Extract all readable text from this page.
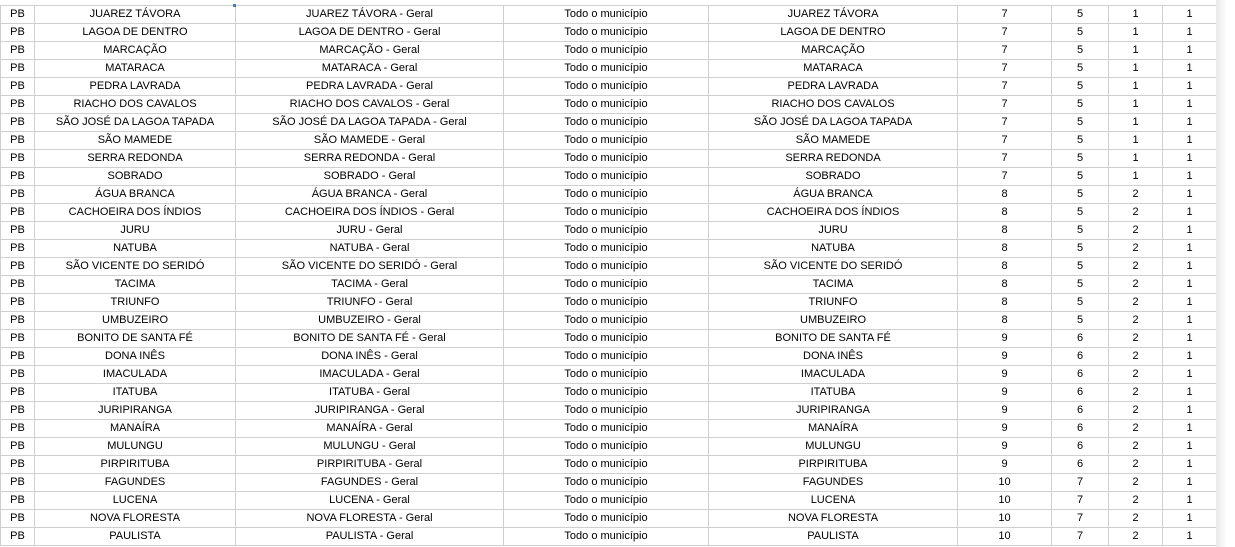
PB	JUAREZ TÁVORA	JUAREZ TÁVORA - Geral	Todo o município	JUAREZ TÁVORA	7	5	1	1
PB	LAGOA DE DENTRO	LAGOA DE DENTRO - Geral	Todo o município	LAGOA DE DENTRO	7	5	1	1
PB	MARCAÇÃO	MARCAÇÃO - Geral	Todo o município	MARCAÇÃO	7	5	1	1
PB	MATARACA	MATARACA - Geral	Todo o município	MATARACA	7	5	1	1
PB	PEDRA LAVRADA	PEDRA LAVRADA - Geral	Todo o município	PEDRA LAVRADA	7	5	1	1
PB	RIACHO DOS CAVALOS	RIACHO DOS CAVALOS - Geral	Todo o município	RIACHO DOS CAVALOS	7	5	1	1
PB	SÃO JOSÉ DA LAGOA TAPADA	SÃO JOSÉ DA LAGOA TAPADA - Geral	Todo o município	SÃO JOSÉ DA LAGOA TAPADA	7	5	1	1
PB	SÃO MAMEDE	SÃO MAMEDE - Geral	Todo o município	SÃO MAMEDE	7	5	1	1
PB	SERRA REDONDA	SERRA REDONDA - Geral	Todo o município	SERRA REDONDA	7	5	1	1
PB	SOBRADO	SOBRADO - Geral	Todo o município	SOBRADO	7	5	1	1
PB	ÁGUA BRANCA	ÁGUA BRANCA - Geral	Todo o município	ÁGUA BRANCA	8	5	2	1
PB	CACHOEIRA DOS ÍNDIOS	CACHOEIRA DOS ÍNDIOS - Geral	Todo o município	CACHOEIRA DOS ÍNDIOS	8	5	2	1
PB	JURU	JURU - Geral	Todo o município	JURU	8	5	2	1
PB	NATUBA	NATUBA - Geral	Todo o município	NATUBA	8	5	2	1
PB	SÃO VICENTE DO SERIDÓ	SÃO VICENTE DO SERIDÓ - Geral	Todo o município	SÃO VICENTE DO SERIDÓ	8	5	2	1
PB	TACIMA	TACIMA - Geral	Todo o município	TACIMA	8	5	2	1
PB	TRIUNFO	TRIUNFO - Geral	Todo o município	TRIUNFO	8	5	2	1
PB	UMBUZEIRO	UMBUZEIRO - Geral	Todo o município	UMBUZEIRO	8	5	2	1
PB	BONITO DE SANTA FÉ	BONITO DE SANTA FÉ - Geral	Todo o município	BONITO DE SANTA FÉ	9	6	2	1
PB	DONA INÊS	DONA INÊS - Geral	Todo o município	DONA INÊS	9	6	2	1
PB	IMACULADA	IMACULADA - Geral	Todo o município	IMACULADA	9	6	2	1
PB	ITATUBA	ITATUBA - Geral	Todo o município	ITATUBA	9	6	2	1
PB	JURIPIRANGA	JURIPIRANGA - Geral	Todo o município	JURIPIRANGA	9	6	2	1
PB	MANAÍRA	MANAÍRA - Geral	Todo o município	MANAÍRA	9	6	2	1
PB	MULUNGU	MULUNGU - Geral	Todo o município	MULUNGU	9	6	2	1
PB	PIRPIRITUBA	PIRPIRITUBA - Geral	Todo o município	PIRPIRITUBA	9	6	2	1
PB	FAGUNDES	FAGUNDES - Geral	Todo o município	FAGUNDES	10	7	2	1
PB	LUCENA	LUCENA - Geral	Todo o município	LUCENA	10	7	2	1
PB	NOVA FLORESTA	NOVA FLORESTA - Geral	Todo o município	NOVA FLORESTA	10	7	2	1
PB	PAULISTA	PAULISTA - Geral	Todo o município	PAULISTA	10	7	2	1
